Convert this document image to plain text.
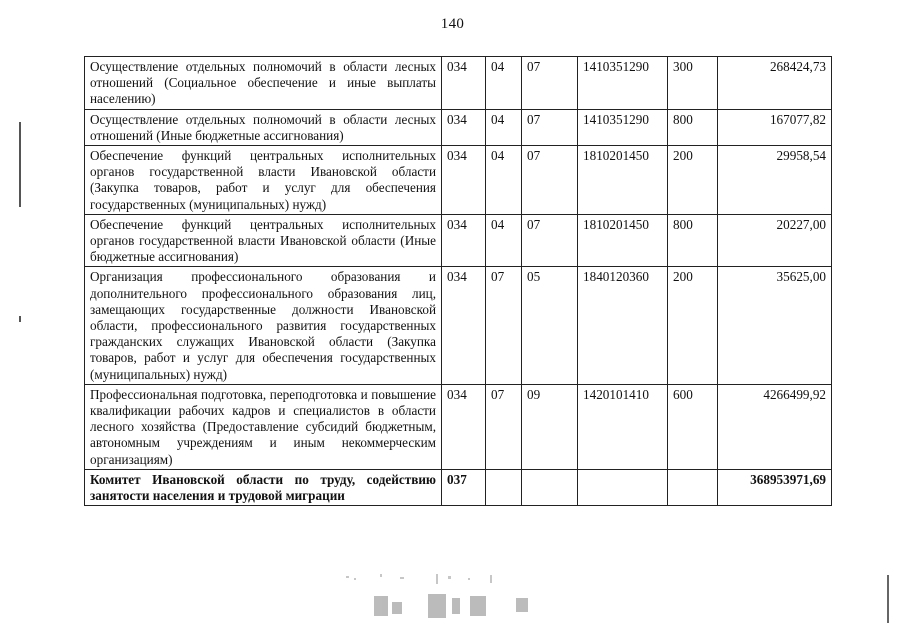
140
Осуществление отдельных полномочий в области лесных отношений (Социальное обеспечение и иные выплаты населению)	034	04	07	1410351290	300	268424,73
Осуществление отдельных полномочий в области лесных отношений (Иные бюджетные ассигнования)	034	04	07	1410351290	800	167077,82
Обеспечение функций центральных исполнительных органов государственной власти Ивановской области (Закупка товаров, работ и услуг для обеспечения государственных (муниципальных) нужд)	034	04	07	1810201450	200	29958,54
Обеспечение функций центральных исполнительных органов государственной власти Ивановской области (Иные бюджетные ассигнования)	034	04	07	1810201450	800	20227,00
Организация профессионального образования и дополнительного профессионального образования лиц, замещающих государственные должности Ивановской области, профессионального развития государственных гражданских служащих Ивановской области (Закупка товаров, работ и услуг для обеспечения государственных (муниципальных) нужд)	034	07	05	1840120360	200	35625,00
Профессиональная подготовка, переподготовка и повышение квалификации рабочих кадров и специалистов в области лесного хозяйства (Предоставление субсидий бюджетным, автономным учреждениям и иным некоммерческим организациям)	034	07	09	1420101410	600	4266499,92
Комитет Ивановской области по труду, содействию занятости населения и трудовой миграции	037					368953971,69
